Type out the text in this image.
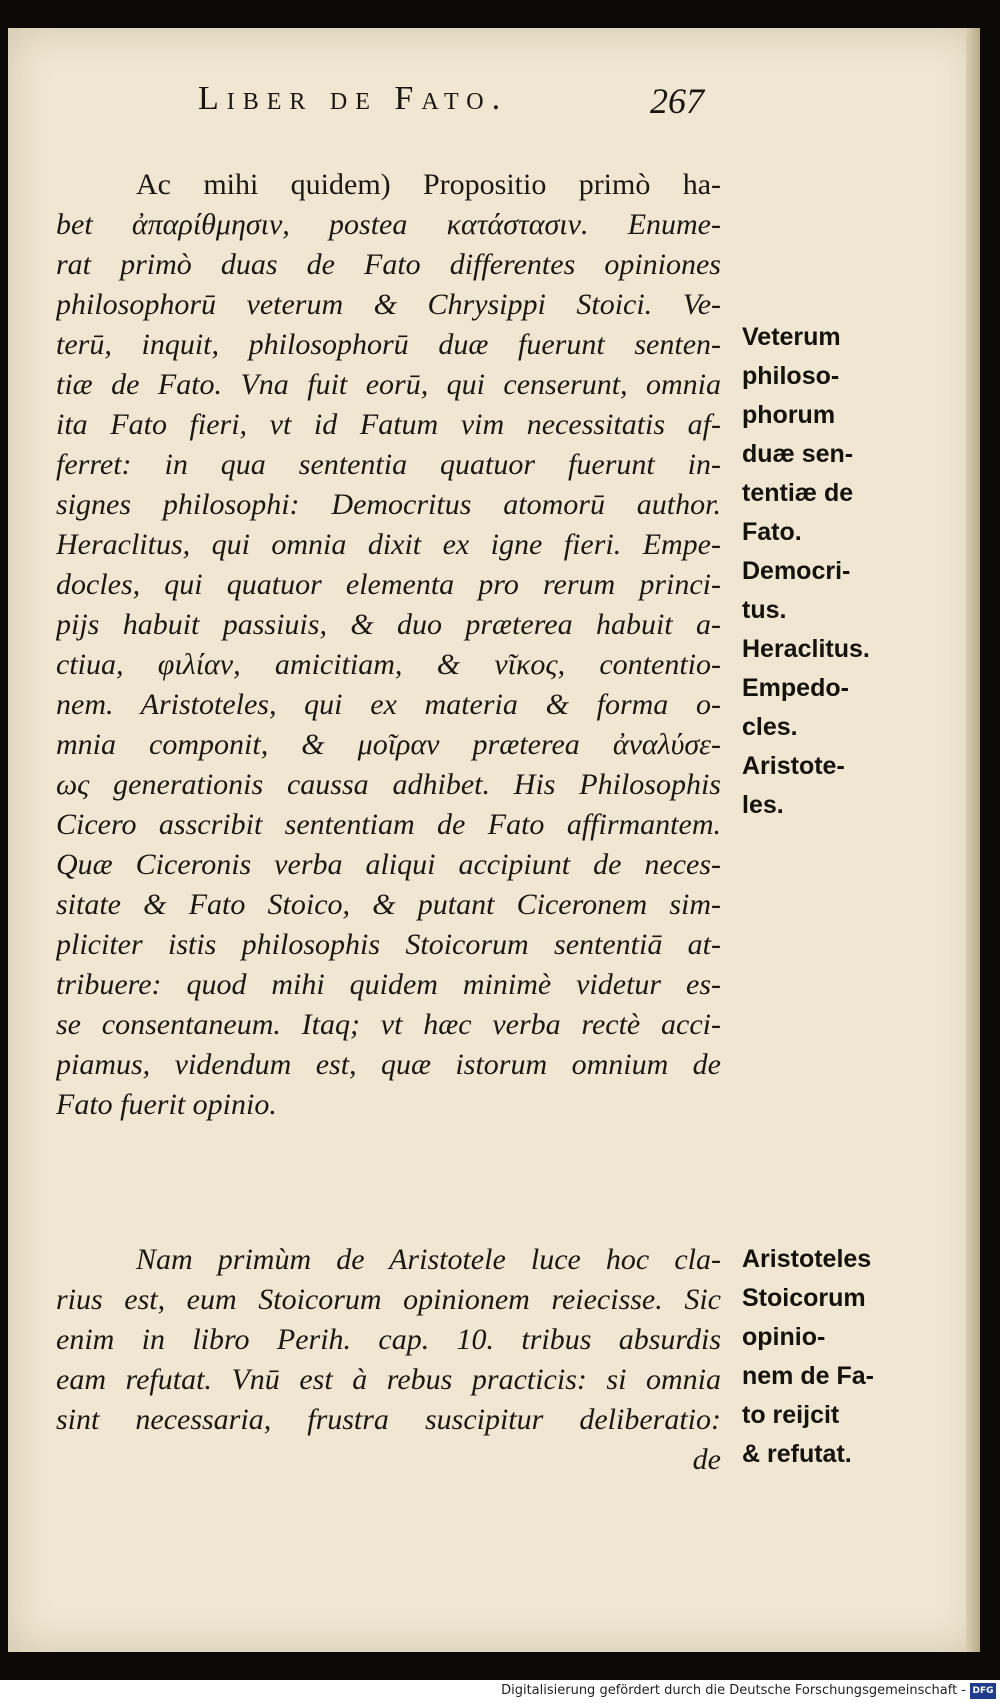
Liber de Fato.	267
Ac mihi quidem) Propositio primò ha-
bet ἀπαρίθμησιν, postea κατάστασιν. Enume-
rat primò duas de Fato differentes opiniones
philosophorū veterum & Chrysippi Stoici. Ve-
terū, inquit, philosophorū duæ fuerunt senten-
tiæ de Fato. Vna fuit eorū, qui censerunt, omnia
ita Fato fieri, vt id Fatum vim necessitatis af-
ferret: in qua sententia quatuor fuerunt in-
signes philosophi: Democritus atomorū author.
Heraclitus, qui omnia dixit ex igne fieri. Empe-
docles, qui quatuor elementa pro rerum princi-
pijs habuit passiuis, & duo præterea habuit a-
ctiua, φιλίαν, amicitiam, & νῖκος, contentio-
nem. Aristoteles, qui ex materia & forma o-
mnia componit, & μοῖραν præterea ἀναλύσε-
ως generationis caussa adhibet. His Philosophis
Cicero asscribit sententiam de Fato affirmantem.
Quæ Ciceronis verba aliqui accipiunt de neces-
sitate & Fato Stoico, & putant Ciceronem sim-
pliciter istis philosophis Stoicorum sententiā at-
tribuere: quod mihi quidem minimè videtur es-
se consentaneum. Itaq; vt hæc verba rectè acci-
piamus, videndum est, quæ istorum omnium de
Fato fuerit opinio.
Veterum
philoso-
phorum
duæ sen-
tentiæ de
Fato.
Democri-
tus.
Heraclitus.
Empedo-
cles.
Aristote-
les.
Nam primùm de Aristotele luce hoc cla-
rius est, eum Stoicorum opinionem reiecisse. Sic
enim in libro Perih. cap. 10. tribus absurdis
eam refutat. Vnū est à rebus practicis: si omnia
sint necessaria, frustra suscipitur deliberatio:
de
Aristoteles
Stoicorum
opinio-
nem de Fa-
to reijcit
& refutat.
Digitalisierung gefördert durch die Deutsche Forschungsgemeinschaft - DFG
